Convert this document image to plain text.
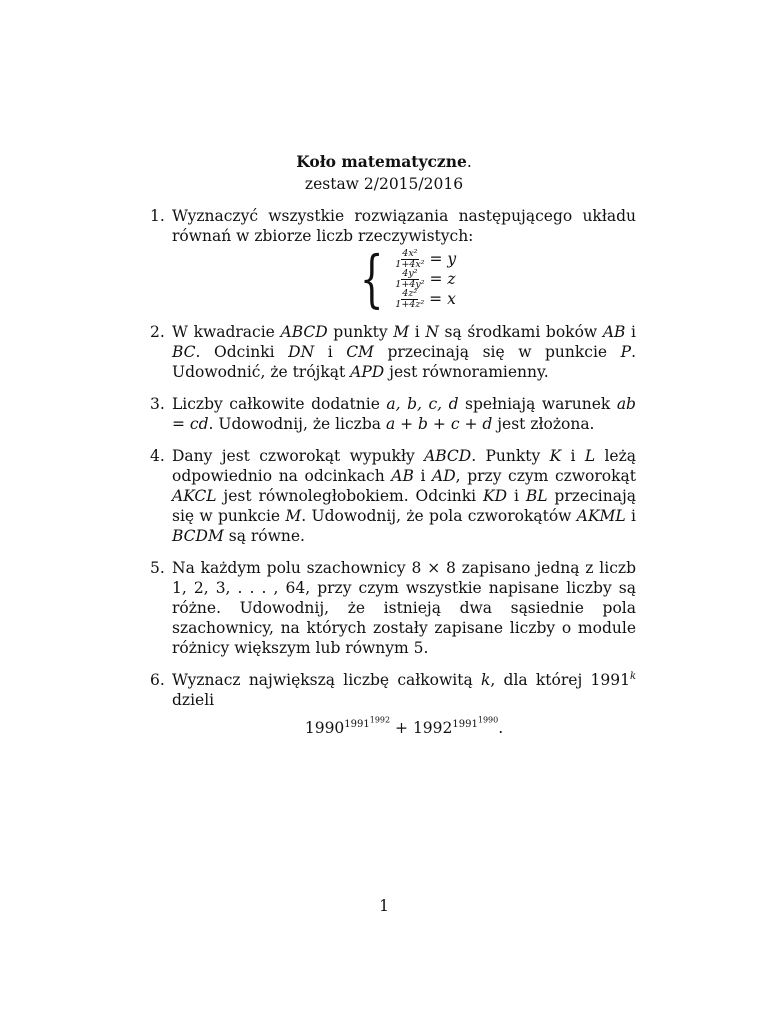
Koło matematyczne.
zestaw 2/2015/2016
1. Wyznaczyć wszystkie rozwiązania następującego układu równań w zbiorze liczb rzeczywistych:
{ $\frac{\text{4x²}}{\text{1+4x²}} = y$
$\frac{\text{4y²}}{\text{1+4y²}} = z$
$\frac{\text{4z²}}{\text{1+4z²}} = x$
2. W kwadracie ABCD punkty M i N są środkami boków AB i BC. Odcinki DN i CM przecinają się w punkcie P. Udowodnić, że trójkąt APD jest równoramienny.
3. Liczby całkowite dodatnie a, b, c, d spełniają warunek ab = cd. Udowodnij, że liczba a + b + c + d jest złożona.
4. Dany jest czworokąt wypukły ABCD. Punkty K i L leżą odpowiednio na odcinkach AB i AD, przy czym czworokąt AKCL jest równoległobokiem. Odcinki KD i BL przecinają się w punkcie M. Udowodnij, że pola czworokątów AKML i BCDM są równe.
5. Na każdym polu szachownicy 8 × 8 zapisano jedną z liczb 1, 2, 3, . . . , 64, przy czym wszystkie napisane liczby są różne. Udowodnij, że istnieją dwa sąsiednie pola szachownicy, na których zostały zapisane liczby o module różnicy większym lub równym 5.
6. Wyznacz największą liczbę całkowitą k, dla której 1991$^k$ dzieli
$1990^{1991^{1992}} + 1992^{1991^{1990}}$.
1
